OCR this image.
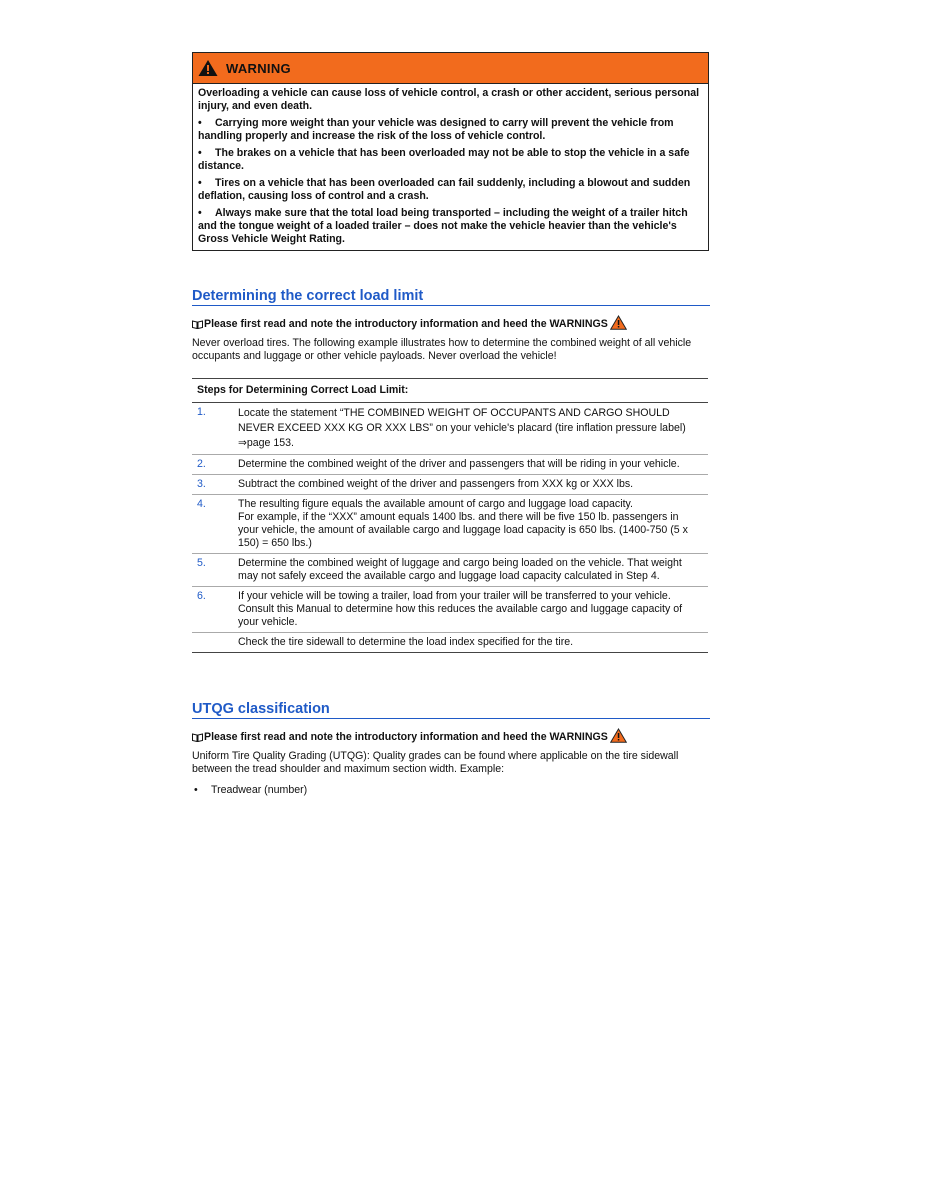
WARNING

Overloading a vehicle can cause loss of vehicle control, a crash or other accident, serious personal injury, and even death.

• Carrying more weight than your vehicle was designed to carry will prevent the vehicle from handling properly and increase the risk of the loss of vehicle control.

• The brakes on a vehicle that has been overloaded may not be able to stop the vehicle in a safe distance.

• Tires on a vehicle that has been overloaded can fail suddenly, including a blowout and sudden deflation, causing loss of control and a crash.

• Always make sure that the total load being transported – including the weight of a trailer hitch and the tongue weight of a loaded trailer – does not make the vehicle heavier than the vehicle's Gross Vehicle Weight Rating.

Determining the correct load limit
Please first read and note the introductory information and heed the WARNINGS
Never overload tires. The following example illustrates how to determine the combined weight of all vehicle occupants and luggage or other vehicle payloads. Never overload the vehicle!
Steps for Determining Correct Load Limit:
1.	Locate the statement “THE COMBINED WEIGHT OF OCCUPANTS AND CARGO SHOULD NEVER EXCEED XXX KG OR XXX LBS” on your vehicle's placard (tire inflation pressure label) ⇒page 153.
2.	Determine the combined weight of the driver and passengers that will be riding in your vehicle.
3.	Subtract the combined weight of the driver and passengers from XXX kg or XXX lbs.
4.	The resulting figure equals the available amount of cargo and luggage load capacity.
For example, if the “XXX” amount equals 1400 lbs. and there will be five 150 lb. passengers in your vehicle, the amount of available cargo and luggage load capacity is 650 lbs. (1400-750 (5 x 150) = 650 lbs.)
5.	Determine the combined weight of luggage and cargo being loaded on the vehicle. That weight may not safely exceed the available cargo and luggage load capacity calculated in Step 4.
6.	If your vehicle will be towing a trailer, load from your trailer will be transferred to your vehicle. Consult this Manual to determine how this reduces the available cargo and luggage capacity of your vehicle.
Check the tire sidewall to determine the load index specified for the tire.
UTQG classification
Please first read and note the introductory information and heed the WARNINGS
Uniform Tire Quality Grading (UTQG): Quality grades can be found where applicable on the tire sidewall between the tread shoulder and maximum section width. Example:
•	Treadwear (number)
